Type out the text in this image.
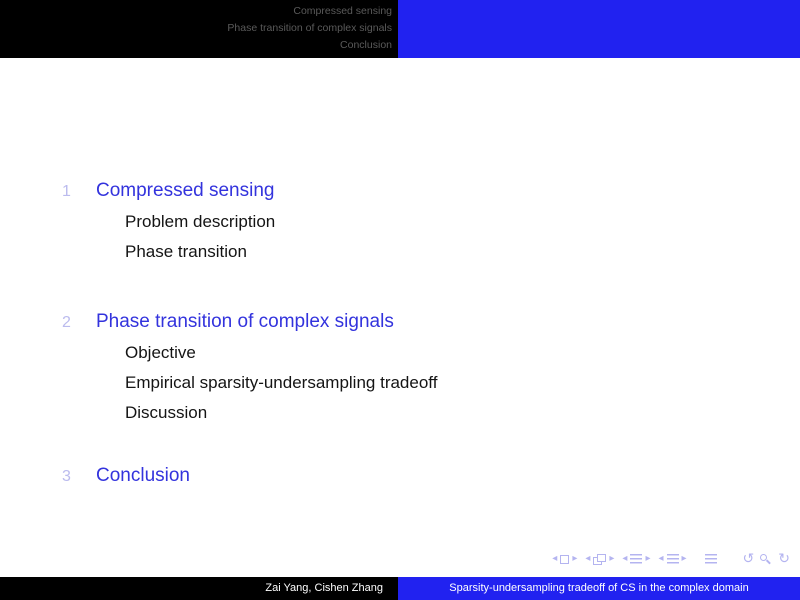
Compressed sensing
Phase transition of complex signals
Conclusion
1 Compressed sensing
Problem description
Phase transition
2 Phase transition of complex signals
Objective
Empirical sparsity-undersampling tradeoff
Discussion
3 Conclusion
◂ ▸ ◂ ▸ ◂ ▸ ◂ ▸	↺ ↻
Zai Yang, Cishen Zhang	Sparsity-undersampling tradeoff of CS in the complex domain
